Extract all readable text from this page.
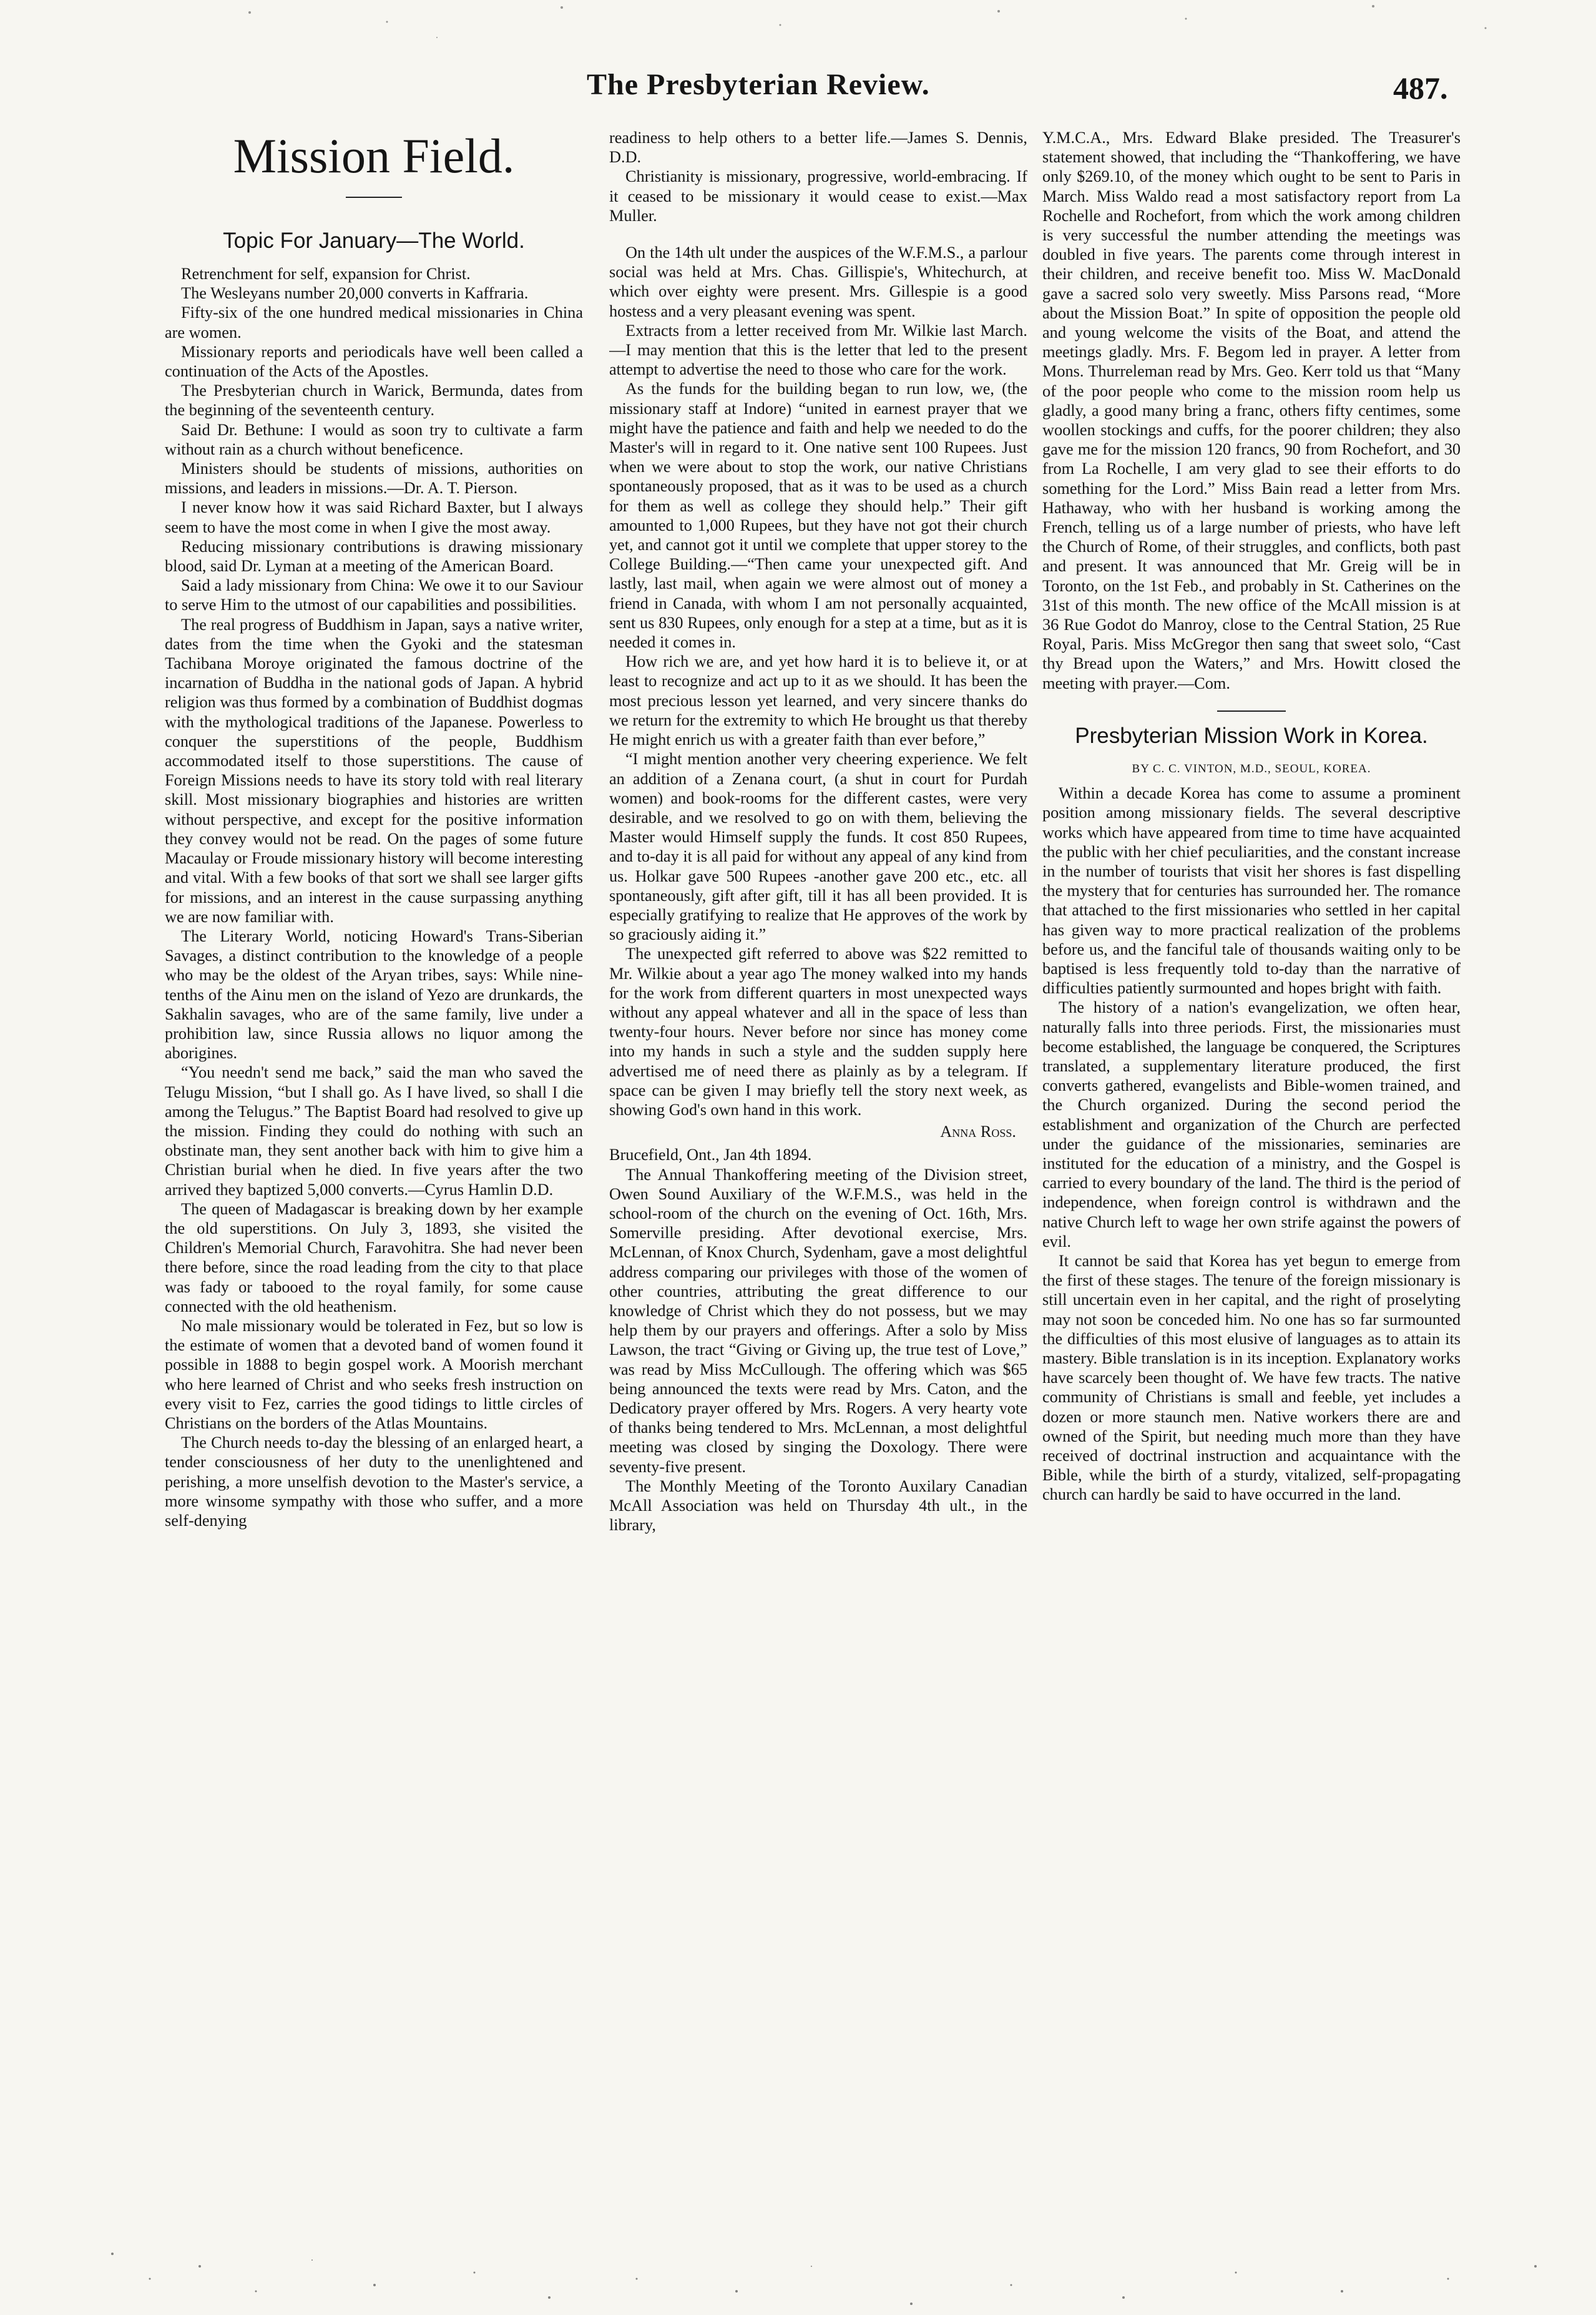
The Presbyterian Review.	487.
Mission Field.
Topic For January—The World.

Retrenchment for self, expansion for Christ.

The Wesleyans number 20,000 converts in Kaffraria.

Fifty-six of the one hundred medical missionaries in China are women.

Missionary reports and periodicals have well been called a continuation of the Acts of the Apostles.

The Presbyterian church in Warick, Bermunda, dates from the beginning of the seventeenth century.

Said Dr. Bethune: I would as soon try to cultivate a farm without rain as a church without beneficence.

Ministers should be students of missions, authorities on missions, and leaders in missions.—Dr. A. T. Pierson.

I never know how it was said Richard Baxter, but I always seem to have the most come in when I give the most away.

Reducing missionary contributions is drawing missionary blood, said Dr. Lyman at a meeting of the American Board.

Said a lady missionary from China: We owe it to our Saviour to serve Him to the utmost of our capabilities and possibilities.

The real progress of Buddhism in Japan, says a native writer, dates from the time when the Gyoki and the statesman Tachibana Moroye originated the famous doctrine of the incarnation of Buddha in the national gods of Japan. A hybrid religion was thus formed by a combination of Buddhist dogmas with the mythological traditions of the Japanese. Powerless to conquer the superstitions of the people, Buddhism accommodated itself to those superstitions. The cause of Foreign Missions needs to have its story told with real literary skill. Most missionary biographies and histories are written without perspective, and except for the positive information they convey would not be read. On the pages of some future Macaulay or Froude missionary history will become interesting and vital. With a few books of that sort we shall see larger gifts for missions, and an interest in the cause surpassing anything we are now familiar with.

The Literary World, noticing Howard's Trans-Siberian Savages, a distinct contribution to the knowledge of a people who may be the oldest of the Aryan tribes, says: While nine-tenths of the Ainu men on the island of Yezo are drunkards, the Sakhalin savages, who are of the same family, live under a prohibition law, since Russia allows no liquor among the aborigines.

“You needn't send me back,” said the man who saved the Telugu Mission, “but I shall go. As I have lived, so shall I die among the Telugus.” The Baptist Board had resolved to give up the mission. Finding they could do nothing with such an obstinate man, they sent another back with him to give him a Christian burial when he died. In five years after the two arrived they baptized 5,000 converts.—Cyrus Hamlin D.D.

The queen of Madagascar is breaking down by her example the old superstitions. On July 3, 1893, she visited the Children's Memorial Church, Faravohitra. She had never been there before, since the road leading from the city to that place was fady or tabooed to the royal family, for some cause connected with the old heathenism.

No male missionary would be tolerated in Fez, but so low is the estimate of women that a devoted band of women found it possible in 1888 to begin gospel work. A Moorish merchant who here learned of Christ and who seeks fresh instruction on every visit to Fez, carries the good tidings to little circles of Christians on the borders of the Atlas Mountains.

The Church needs to-day the blessing of an enlarged heart, a tender consciousness of her duty to the unenlightened and perishing, a more unselfish devotion to the Master's service, a more winsome sympathy with those who suffer, and a more self-denying

readiness to help others to a better life.—James S. Dennis, D.D.

Christianity is missionary, progressive, world-embracing. If it ceased to be missionary it would cease to exist.—Max Muller.

On the 14th ult under the auspices of the W.F.M.S., a parlour social was held at Mrs. Chas. Gillispie's, Whitechurch, at which over eighty were present. Mrs. Gillespie is a good hostess and a very pleasant evening was spent.

Extracts from a letter received from Mr. Wilkie last March.—I may mention that this is the letter that led to the present attempt to advertise the need to those who care for the work.

As the funds for the building began to run low, we, (the missionary staff at Indore) “united in earnest prayer that we might have the patience and faith and help we needed to do the Master's will in regard to it. One native sent 100 Rupees. Just when we were about to stop the work, our native Christians spontaneously proposed, that as it was to be used as a church for them as well as college they should help.” Their gift amounted to 1,000 Rupees, but they have not got their church yet, and cannot got it until we complete that upper storey to the College Building.—“Then came your unexpected gift. And lastly, last mail, when again we were almost out of money a friend in Canada, with whom I am not personally acquainted, sent us 830 Rupees, only enough for a step at a time, but as it is needed it comes in.

How rich we are, and yet how hard it is to believe it, or at least to recognize and act up to it as we should. It has been the most precious lesson yet learned, and very sincere thanks do we return for the extremity to which He brought us that thereby He might enrich us with a greater faith than ever before,”

“I might mention another very cheering experience. We felt an addition of a Zenana court, (a shut in court for Purdah women) and book-rooms for the different castes, were very desirable, and we resolved to go on with them, believing the Master would Himself supply the funds. It cost 850 Rupees, and to-day it is all paid for without any appeal of any kind from us. Holkar gave 500 Rupees -another gave 200 etc., etc. all spontaneously, gift after gift, till it has all been provided. It is especially gratifying to realize that He approves of the work by so graciously aiding it.”

The unexpected gift referred to above was $22 remitted to Mr. Wilkie about a year ago The money walked into my hands for the work from different quarters in most unexpected ways without any appeal whatever and all in the space of less than twenty-four hours. Never before nor since has money come into my hands in such a style and the sudden supply here advertised me of need there as plainly as by a telegram. If space can be given I may briefly tell the story next week, as showing God's own hand in this work.

Anna Ross.

Brucefield, Ont., Jan 4th 1894.

The Annual Thankoffering meeting of the Division street, Owen Sound Auxiliary of the W.F.M.S., was held in the school-room of the church on the evening of Oct. 16th, Mrs. Somerville presiding. After devotional exercise, Mrs. McLennan, of Knox Church, Sydenham, gave a most delightful address comparing our privileges with those of the women of other countries, attributing the great difference to our knowledge of Christ which they do not possess, but we may help them by our prayers and offerings. After a solo by Miss Lawson, the tract “Giving or Giving up, the true test of Love,” was read by Miss McCullough. The offering which was $65 being announced the texts were read by Mrs. Caton, and the Dedicatory prayer offered by Mrs. Rogers. A very hearty vote of thanks being tendered to Mrs. McLennan, a most delightful meeting was closed by singing the Doxology. There were seventy-five present.

The Monthly Meeting of the Toronto Auxilary Canadian McAll Association was held on Thursday 4th ult., in the library,

Y.M.C.A., Mrs. Edward Blake presided. The Treasurer's statement showed, that including the “Thankoffering, we have only $269.10, of the money which ought to be sent to Paris in March. Miss Waldo read a most satisfactory report from La Rochelle and Rochefort, from which the work among children is very successful the number attending the meetings was doubled in five years. The parents come through interest in their children, and receive benefit too. Miss W. MacDonald gave a sacred solo very sweetly. Miss Parsons read, “More about the Mission Boat.” In spite of opposition the people old and young welcome the visits of the Boat, and attend the meetings gladly. Mrs. F. Begom led in prayer. A letter from Mons. Thurreleman read by Mrs. Geo. Kerr told us that “Many of the poor people who come to the mission room help us gladly, a good many bring a franc, others fifty centimes, some woollen stockings and cuffs, for the poorer children; they also gave me for the mission 120 francs, 90 from Rochefort, and 30 from La Rochelle, I am very glad to see their efforts to do something for the Lord.” Miss Bain read a letter from Mrs. Hathaway, who with her husband is working among the French, telling us of a large number of priests, who have left the Church of Rome, of their struggles, and conflicts, both past and present. It was announced that Mr. Greig will be in Toronto, on the 1st Feb., and probably in St. Catherines on the 31st of this month. The new office of the McAll mission is at 36 Rue Godot do Manroy, close to the Central Station, 25 Rue Royal, Paris. Miss McGregor then sang that sweet solo, “Cast thy Bread upon the Waters,” and Mrs. Howitt closed the meeting with prayer.—Com.

Presbyterian Mission Work in Korea.
BY C. C. VINTON, M.D., SEOUL, KOREA.

Within a decade Korea has come to assume a prominent position among missionary fields. The several descriptive works which have appeared from time to time have acquainted the public with her chief peculiarities, and the constant increase in the number of tourists that visit her shores is fast dispelling the mystery that for centuries has surrounded her. The romance that attached to the first missionaries who settled in her capital has given way to more practical realization of the problems before us, and the fanciful tale of thousands waiting only to be baptised is less frequently told to-day than the narrative of difficulties patiently surmounted and hopes bright with faith.

The history of a nation's evangelization, we often hear, naturally falls into three periods. First, the missionaries must become established, the language be conquered, the Scriptures translated, a supplementary literature produced, the first converts gathered, evangelists and Bible-women trained, and the Church organized. During the second period the establishment and organization of the Church are perfected under the guidance of the missionaries, seminaries are instituted for the education of a ministry, and the Gospel is carried to every boundary of the land. The third is the period of independence, when foreign control is withdrawn and the native Church left to wage her own strife against the powers of evil.

It cannot be said that Korea has yet begun to emerge from the first of these stages. The tenure of the foreign missionary is still uncertain even in her capital, and the right of proselyting may not soon be conceded him. No one has so far surmounted the difficulties of this most elusive of languages as to attain its mastery. Bible translation is in its inception. Explanatory works have scarcely been thought of. We have few tracts. The native community of Christians is small and feeble, yet includes a dozen or more staunch men. Native workers there are and owned of the Spirit, but needing much more than they have received of doctrinal instruction and acquaintance with the Bible, while the birth of a sturdy, vitalized, self-propagating church can hardly be said to have occurred in the land.
